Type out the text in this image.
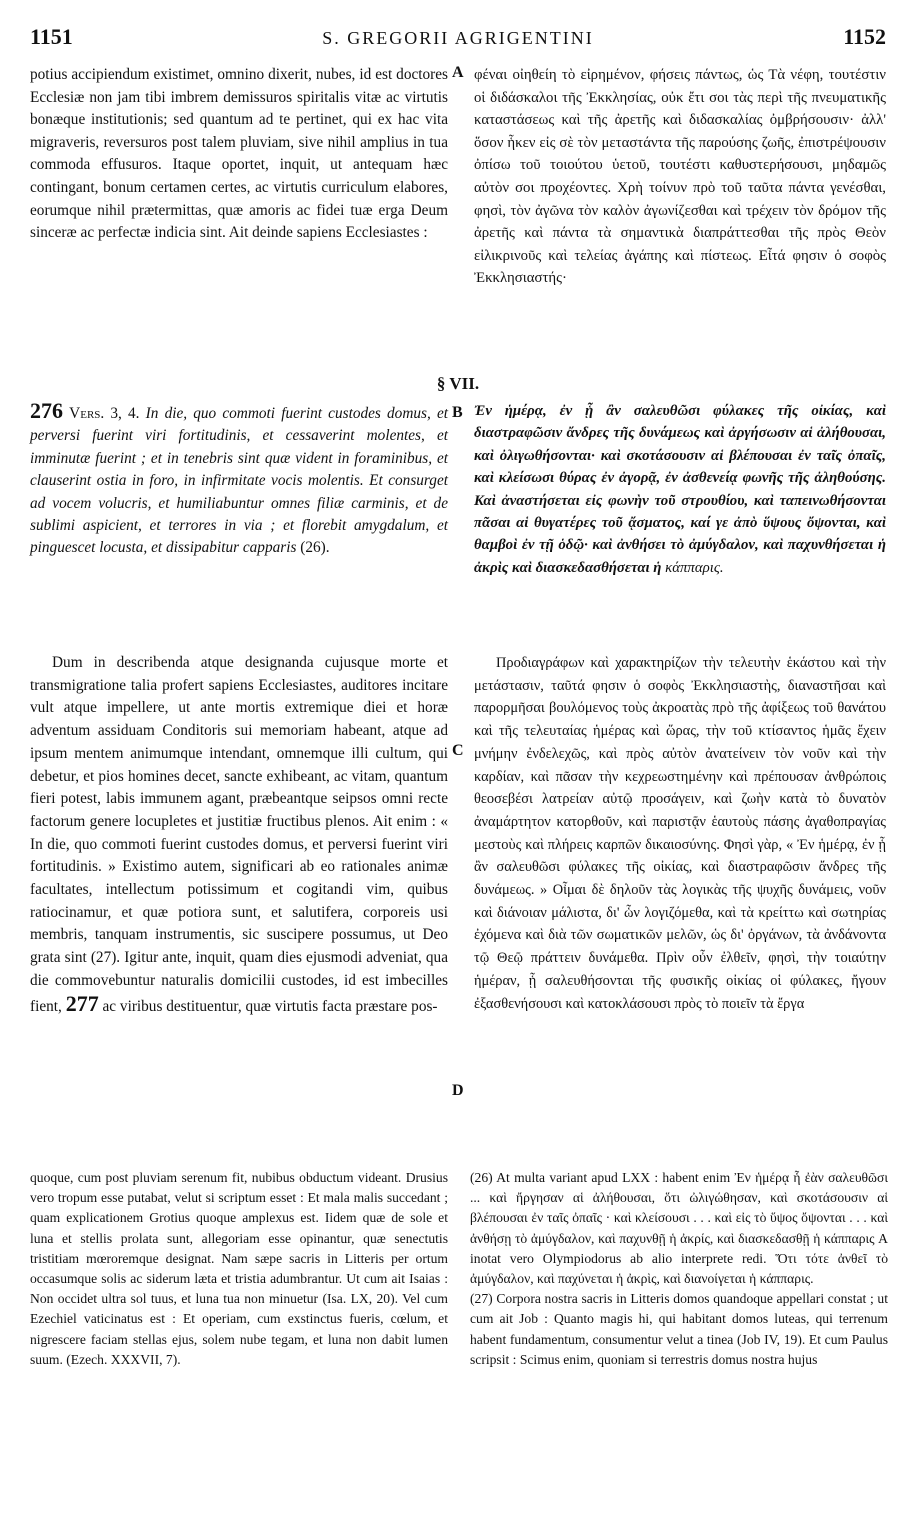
1151	S. GREGORII AGRIGENTINI	1152
A
B
C
D

potius accipiendum existimet, omnino dixerit, nubes, id est doctores Ecclesiæ non jam tibi imbrem demissuros spiritalis vitæ ac virtutis bonæque institutionis; sed quantum ad te pertinet, qui ex hac vita migraveris, reversuros post talem pluviam, sive nihil amplius in tua commoda effusuros. Itaque oportet, inquit, ut antequam hæc contingant, bonum certamen certes, ac virtutis curriculum elabores, eorumque nihil prætermittas, quæ amoris ac fidei tuæ erga Deum sinceræ ac perfectæ indicia sint. Ait deinde sapiens Ecclesiastes :

§ VII.

276 Vers. 3, 4. In die, quo commoti fuerint custodes domus, et perversi fuerint viri fortitudinis, et cessaverint molentes, et imminutæ fuerint ; et in tenebris sint quæ vident in foraminibus, et clauserint ostia in foro, in infirmitate vocis molentis. Et consurget ad vocem volucris, et humiliabuntur omnes filiæ carminis, et de sublimi aspicient, et terrores in via ; et florebit amygdalum, et pinguescet locusta, et dissipabitur capparis (26).

Dum in describenda atque designanda cujusque morte et transmigratione talia profert sapiens Ecclesiastes, auditores incitare vult atque impellere, ut ante mortis extremique diei et horæ adventum assiduam Conditoris sui memoriam habeant, atque ad ipsum mentem animumque intendant, omnemque illi cultum, qui debetur, et pios homines decet, sancte exhibeant, ac vitam, quantum fieri potest, labis immunem agant, præbeantque seipsos omni recte factorum genere locupletes et justitiæ fructibus plenos. Ait enim : « In die, quo commoti fuerint custodes domus, et perversi fuerint viri fortitudinis. » Existimo autem, significari ab eo rationales animæ facultates, intellectum potissimum et cogitandi vim, quibus ratiocinamur, et quæ potiora sunt, et salutifera, corporeis usi membris, tanquam instrumentis, sic suscipere possumus, ut Deo grata sint (27). Igitur ante, inquit, quam dies ejusmodi adveniat, qua die commovebuntur naturalis domicilii custodes, id est imbecilles fient, 277 ac viribus destituentur, quæ virtutis facta præstare pos-

φέναι οἰηθείη τὸ εἰρημένον, φήσεις πάντως, ὡς Τὰ νέφη, τουτέστιν οἱ διδάσκαλοι τῆς Ἐκκλησίας, οὐκ ἔτι σοι τὰς περὶ τῆς πνευματικῆς καταστάσεως καὶ τῆς ἀρετῆς καὶ διδασκαλίας ὀμβρήσουσιν· ἀλλ' ὅσον ἧκεν εἰς σὲ τὸν μεταστάντα τῆς παρούσης ζωῆς, ἐπιστρέψουσιν ὀπίσω τοῦ τοιούτου ὑετοῦ, τουτέστι καθυστερήσουσι, μηδαμῶς αὐτὸν σοι προχέοντες. Χρὴ τοίνυν πρὸ τοῦ ταῦτα πάντα γενέσθαι, φησὶ, τὸν ἀγῶνα τὸν καλὸν ἀγωνίζεσθαι καὶ τρέχειν τὸν δρόμον τῆς ἀρετῆς καὶ πάντα τὰ σημαντικὰ διαπράττεσθαι τῆς πρὸς Θεὸν εἰλικρινοῦς καὶ τελείας ἀγάπης καὶ πίστεως. Εἶτά φησιν ὁ σοφὸς Ἐκκλησιαστής·

Ἐν ἡμέρᾳ, ἐν ᾗ ἂν σαλευθῶσι φύλακες τῆς οἰκίας, καὶ διαστραφῶσιν ἄνδρες τῆς δυνάμεως καὶ ἀργήσωσιν αἱ ἀλήθουσαι, καὶ ὀλιγωθήσονται· καὶ σκοτάσουσιν αἱ βλέπουσαι ἐν ταῖς ὀπαῖς, καὶ κλείσωσι θύρας ἐν ἀγορᾷ, ἐν ἀσθενείᾳ φωνῆς τῆς ἀληθούσης. Καὶ ἀναστήσεται εἰς φωνὴν τοῦ στρουθίου, καὶ ταπεινωθήσονται πᾶσαι αἱ θυγατέρες τοῦ ᾄσματος, καί γε ἀπὸ ὕψους ὄψονται, καὶ θαμβοὶ ἐν τῇ ὁδῷ· καὶ ἀνθήσει τὸ ἀμύγδαλον, καὶ παχυνθήσεται ἡ ἀκρὶς καὶ διασκεδασθήσεται ἡ κάππαρις.

Προδιαγράφων καὶ χαρακτηρίζων τὴν τελευτὴν ἑκάστου καὶ τὴν μετάστασιν, ταῦτά φησιν ὁ σοφὸς Ἐκκλησιαστὴς, διαναστῆσαι καὶ παρορμῆσαι βουλόμενος τοὺς ἀκροατὰς πρὸ τῆς ἀφίξεως τοῦ θανάτου καὶ τῆς τελευταίας ἡμέρας καὶ ὥρας, τὴν τοῦ κτίσαντος ἡμᾶς ἔχειν μνήμην ἐνδελεχῶς, καὶ πρὸς αὐτὸν ἀνατείνειν τὸν νοῦν καὶ τὴν καρδίαν, καὶ πᾶσαν τὴν κεχρεωστημένην καὶ πρέπουσαν ἀνθρώποις θεοσεβέσι λατρείαν αὐτῷ προσάγειν, καὶ ζωὴν κατὰ τὸ δυνατὸν ἀναμάρτητον κατορθοῦν, καὶ παριστᾷν ἑαυτοὺς πάσης ἀγαθοπραγίας μεστοὺς καὶ πλήρεις καρπῶν δικαιοσύνης. Φησὶ γὰρ, « Ἐν ἡμέρᾳ, ἐν ᾗ ἂν σαλευθῶσι φύλακες τῆς οἰκίας, καὶ διαστραφῶσιν ἄνδρες τῆς δυνάμεως. » Οἶμαι δὲ δηλοῦν τὰς λογικὰς τῆς ψυχῆς δυνάμεις, νοῦν καὶ διάνοιαν μάλιστα, δι' ὧν λογιζόμεθα, καὶ τὰ κρείττω καὶ σωτηρίας ἐχόμενα καὶ διὰ τῶν σωματικῶν μελῶν, ὡς δι' ὀργάνων, τὰ ἀνδάνοντα τῷ Θεῷ πράττειν δυνάμεθα. Πρὶν οὖν ἐλθεῖν, φησὶ, τὴν τοιαύτην ἡμέραν, ᾗ σαλευθήσονται τῆς φυσικῆς οἰκίας οἱ φύλακες, ἤγουν ἐξασθενήσουσι καὶ κατοκλάσουσι πρὸς τὸ ποιεῖν τὰ ἔργα

quoque, cum post pluviam serenum fit, nubibus obductum videant. Drusius vero tropum esse putabat, velut si scriptum esset : Et mala malis succedant ; quam explicationem Grotius quoque amplexus est. Iidem quæ de sole et luna et stellis prolata sunt, allegoriam esse opinantur, quæ senectutis tristitiam mœroremque designat. Nam sæpe sacris in Litteris per ortum occasumque solis ac siderum læta et tristia adumbrantur. Ut cum ait Isaias : Non occidet ultra sol tuus, et luna tua non minuetur (Isa. LX, 20). Vel cum Ezechiel vaticinatus est : Et operiam, cum exstinctus fueris, cœlum, et nigrescere faciam stellas ejus, solem nube tegam, et luna non dabit lumen suum. (Ezech. XXXVII, 7).

(26) At multa variant apud LXX : habent enim Ἐν ἡμέρᾳ ἧ ἐὰν σαλευθῶσι ... καὶ ἤργησαν αἱ ἀλήθουσαι, ὅτι ὠλιγώθησαν, καὶ σκοτάσουσιν αἱ βλέπουσαι ἐν ταῖς ὀπαῖς · καὶ κλείσουσι . . . καὶ εἰς τὸ ὕψος ὄψονται . . . καὶ ἀνθήσῃ τὸ ἀμύγδαλον, καὶ παχυνθῇ ἡ ἀκρίς, καὶ διασκεδασθῇ ἡ κάππαρις A inotat vero Olympiodorus ab alio interprete redi. Ὅτι τότε ἀνθεῖ τὸ ἀμύγδαλον, καὶ παχύνεται ἡ ἀκρὶς, καὶ διανοίγεται ἡ κάππαρις.

(27) Corpora nostra sacris in Litteris domos quandoque appellari constat ; ut cum ait Job : Quanto magis hi, qui habitant domos luteas, qui terrenum habent fundamentum, consumentur velut a tinea (Job IV, 19). Et cum Paulus scripsit : Scimus enim, quoniam si terrestris domus nostra hujus
